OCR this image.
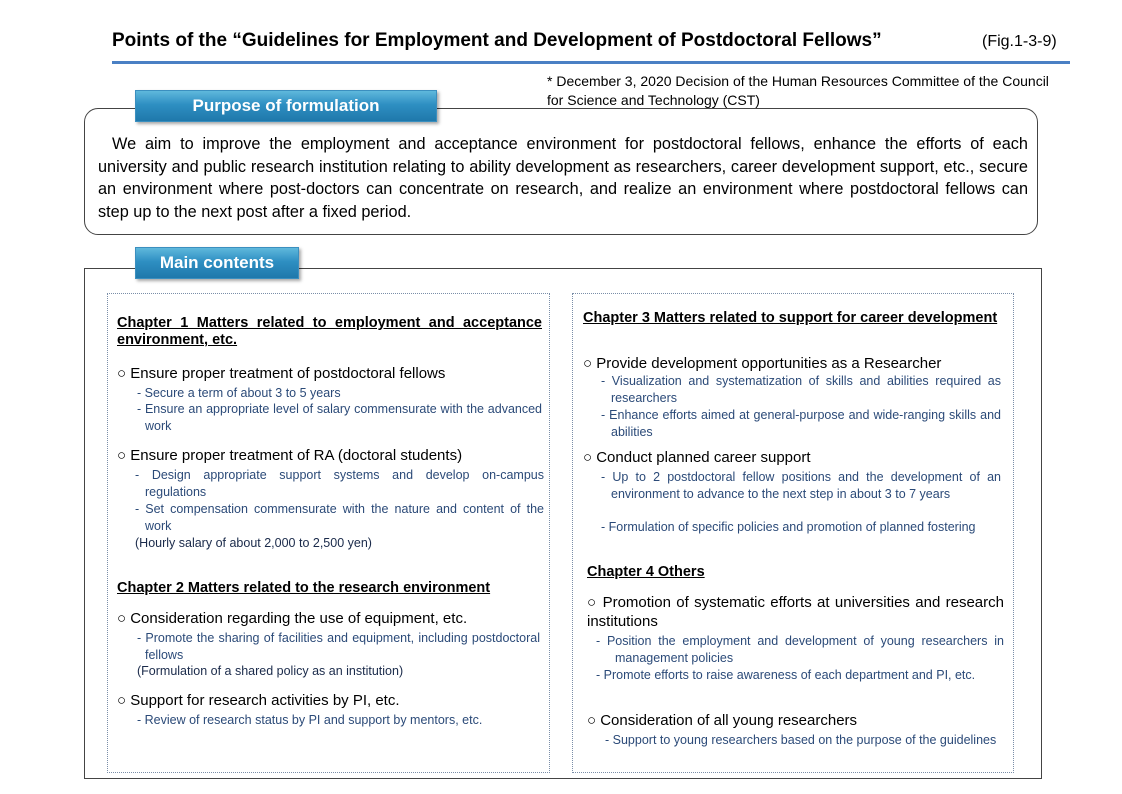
Points of the “Guidelines for Employment and Development of Postdoctoral Fellows”	(Fig.1-3-9)
* December 3, 2020 Decision of the Human Resources Committee of the Council for Science and Technology (CST)
Purpose of formulation
We aim to improve the employment and acceptance environment for postdoctoral fellows, enhance the efforts of each university and public research institution relating to ability development as researchers, career development support, etc., secure an environment where post-doctors can concentrate on research, and realize an environment where postdoctoral fellows can step up to the next post after a fixed period.
Main contents
Chapter 1 Matters related to employment and acceptance environment, etc.
○ Ensure proper treatment of postdoctoral fellows
- Secure a term of about 3 to 5 years
- Ensure an appropriate level of salary commensurate with the advanced work
○ Ensure proper treatment of RA (doctoral students)
- Design appropriate support systems and develop on-campus regulations
- Set compensation commensurate with the nature and content of the work
(Hourly salary of about 2,000 to 2,500 yen)
Chapter 2 Matters related to the research environment
○ Consideration regarding the use of equipment, etc.
- Promote the sharing of facilities and equipment, including postdoctoral fellows
(Formulation of a shared policy as an institution)
○ Support for research activities by PI, etc.
- Review of research status by PI and support by mentors, etc.
Chapter 3 Matters related to support for career development
○ Provide development opportunities as a Researcher
- Visualization and systematization of skills and abilities required as researchers
- Enhance efforts aimed at general-purpose and wide-ranging skills and abilities
○ Conduct planned career support
- Up to 2 postdoctoral fellow positions and the development of an environment to advance to the next step in about 3 to 7 years
- Formulation of specific policies and promotion of planned fostering
Chapter 4 Others
○ Promotion of systematic efforts at universities and research institutions
- Position the employment and development of young researchers in management policies
- Promote efforts to raise awareness of each department and PI, etc.
○ Consideration of all young researchers
- Support to young researchers based on the purpose of the guidelines
